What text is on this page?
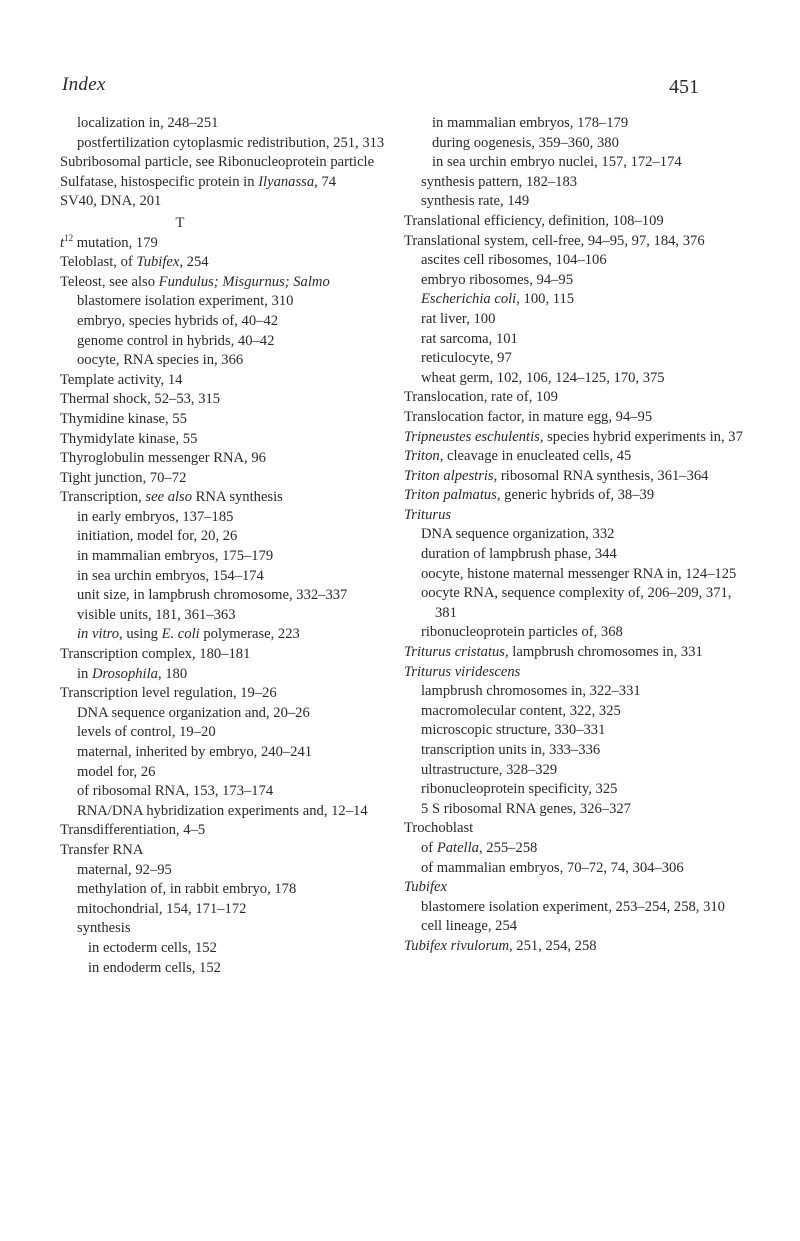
Index	451

localization in, 248–251

postfertilization cytoplasmic redistribution, 251, 313

Subribosomal particle, see Ribonucleoprotein particle

Sulfatase, histospecific protein in Ilyanassa, 74

SV40, DNA, 201

T

$t^{12}$ mutation, 179

Teloblast, of Tubifex, 254

Teleost, see also Fundulus; Misgurnus; Salmo

blastomere isolation experiment, 310

embryo, species hybrids of, 40–42

genome control in hybrids, 40–42

oocyte, RNA species in, 366

Template activity, 14

Thermal shock, 52–53, 315

Thymidine kinase, 55

Thymidylate kinase, 55

Thyroglobulin messenger RNA, 96

Tight junction, 70–72

Transcription, see also RNA synthesis

in early embryos, 137–185

initiation, model for, 20, 26

in mammalian embryos, 175–179

in sea urchin embryos, 154–174

unit size, in lampbrush chromosome, 332–337

visible units, 181, 361–363

in vitro, using E. coli polymerase, 223

Transcription complex, 180–181

in Drosophila, 180

Transcription level regulation, 19–26

DNA sequence organization and, 20–26

levels of control, 19–20

maternal, inherited by embryo, 240–241

model for, 26

of ribosomal RNA, 153, 173–174

RNA/DNA hybridization experiments and, 12–14

Transdifferentiation, 4–5

Transfer RNA

maternal, 92–95

methylation of, in rabbit embryo, 178

mitochondrial, 154, 171–172

synthesis

in ectoderm cells, 152

in endoderm cells, 152

in mammalian embryos, 178–179

during oogenesis, 359–360, 380

in sea urchin embryo nuclei, 157, 172–174

synthesis pattern, 182–183

synthesis rate, 149

Translational efficiency, definition, 108–109

Translational system, cell-free, 94–95, 97, 184, 376

ascites cell ribosomes, 104–106

embryo ribosomes, 94–95

Escherichia coli, 100, 115

rat liver, 100

rat sarcoma, 101

reticulocyte, 97

wheat germ, 102, 106, 124–125, 170, 375

Translocation, rate of, 109

Translocation factor, in mature egg, 94–95

Tripneustes eschulentis, species hybrid experiments in, 37

Triton, cleavage in enucleated cells, 45

Triton alpestris, ribosomal RNA synthesis, 361–364

Triton palmatus, generic hybrids of, 38–39

Triturus

DNA sequence organization, 332

duration of lampbrush phase, 344

oocyte, histone maternal messenger RNA in, 124–125

oocyte RNA, sequence complexity of, 206–209, 371, 381

ribonucleoprotein particles of, 368

Triturus cristatus, lampbrush chromosomes in, 331

Triturus viridescens

lampbrush chromosomes in, 322–331

macromolecular content, 322, 325

microscopic structure, 330–331

transcription units in, 333–336

ultrastructure, 328–329

ribonucleoprotein specificity, 325

5 S ribosomal RNA genes, 326–327

Trochoblast

of Patella, 255–258

of mammalian embryos, 70–72, 74, 304–306

Tubifex

blastomere isolation experiment, 253–254, 258, 310

cell lineage, 254

Tubifex rivulorum, 251, 254, 258
